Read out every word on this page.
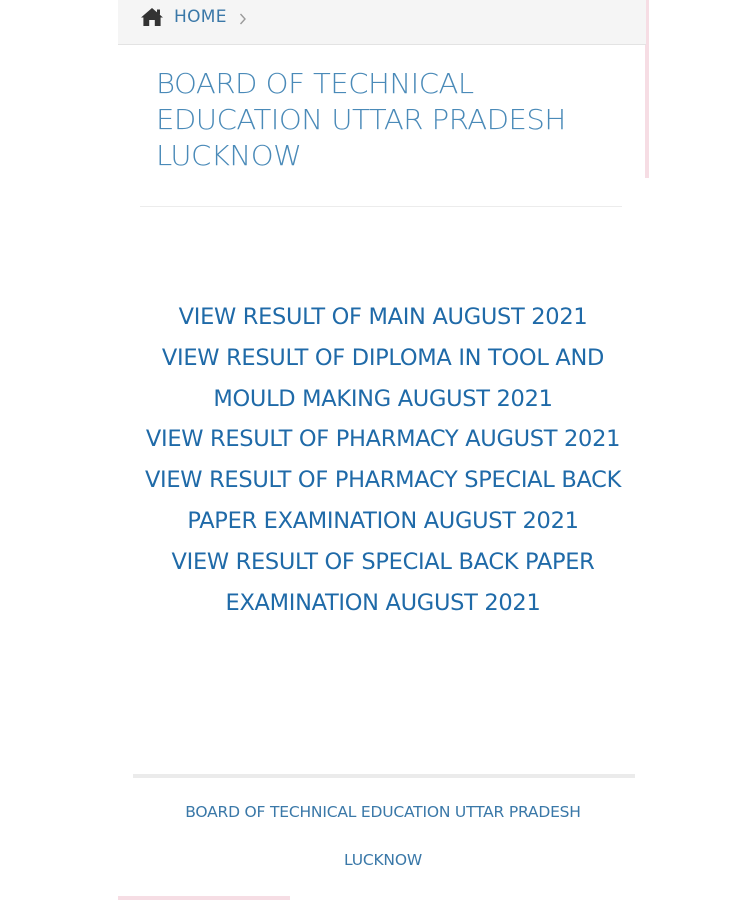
HOME
BOARD OF TECHNICAL EDUCATION UTTAR PRADESH LUCKNOW
VIEW RESULT OF MAIN AUGUST 2021
VIEW RESULT OF DIPLOMA IN TOOL AND MOULD MAKING AUGUST 2021
VIEW RESULT OF PHARMACY AUGUST 2021
VIEW RESULT OF PHARMACY SPECIAL BACK PAPER EXAMINATION AUGUST 2021
VIEW RESULT OF SPECIAL BACK PAPER EXAMINATION AUGUST 2021
BOARD OF TECHNICAL EDUCATION UTTAR PRADESH
LUCKNOW
